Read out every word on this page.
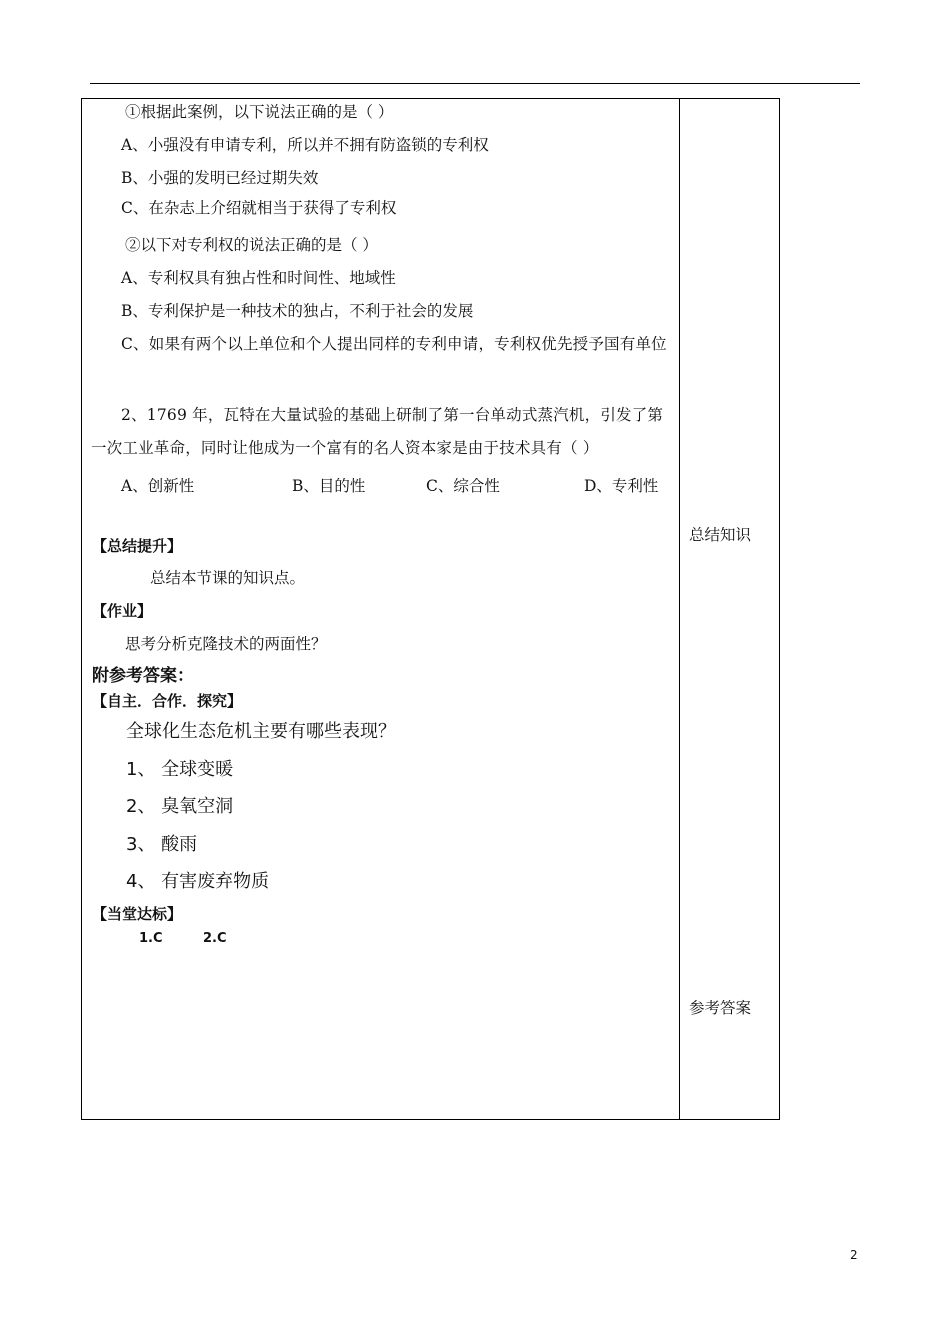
①根据此案例，以下说法正确的是（ ）
A、小强没有申请专利，所以并不拥有防盗锁的专利权
B、小强的发明已经过期失效
C、在杂志上介绍就相当于获得了专利权
②以下对专利权的说法正确的是（ ）
A、专利权具有独占性和时间性、地域性
B、专利保护是一种技术的独占，不利于社会的发展
C、如果有两个以上单位和个人提出同样的专利申请，专利权优先授予国有单位
2、1769 年，瓦特在大量试验的基础上研制了第一台单动式蒸汽机，引发了第一次工业革命，同时让他成为一个富有的名人资本家是由于技术具有（ ）
A、创新性	B、目的性	C、综合性	D、专利性
【总结提升】
总结本节课的知识点。
【作业】
思考分析克隆技术的两面性？
附参考答案：
【自主．合作．探究】
全球化生态危机主要有哪些表现？
1、 全球变暖
2、 臭氧空洞
3、 酸雨
4、 有害废弃物质
【当堂达标】
1.C	2.C
总结知识
参考答案
2
